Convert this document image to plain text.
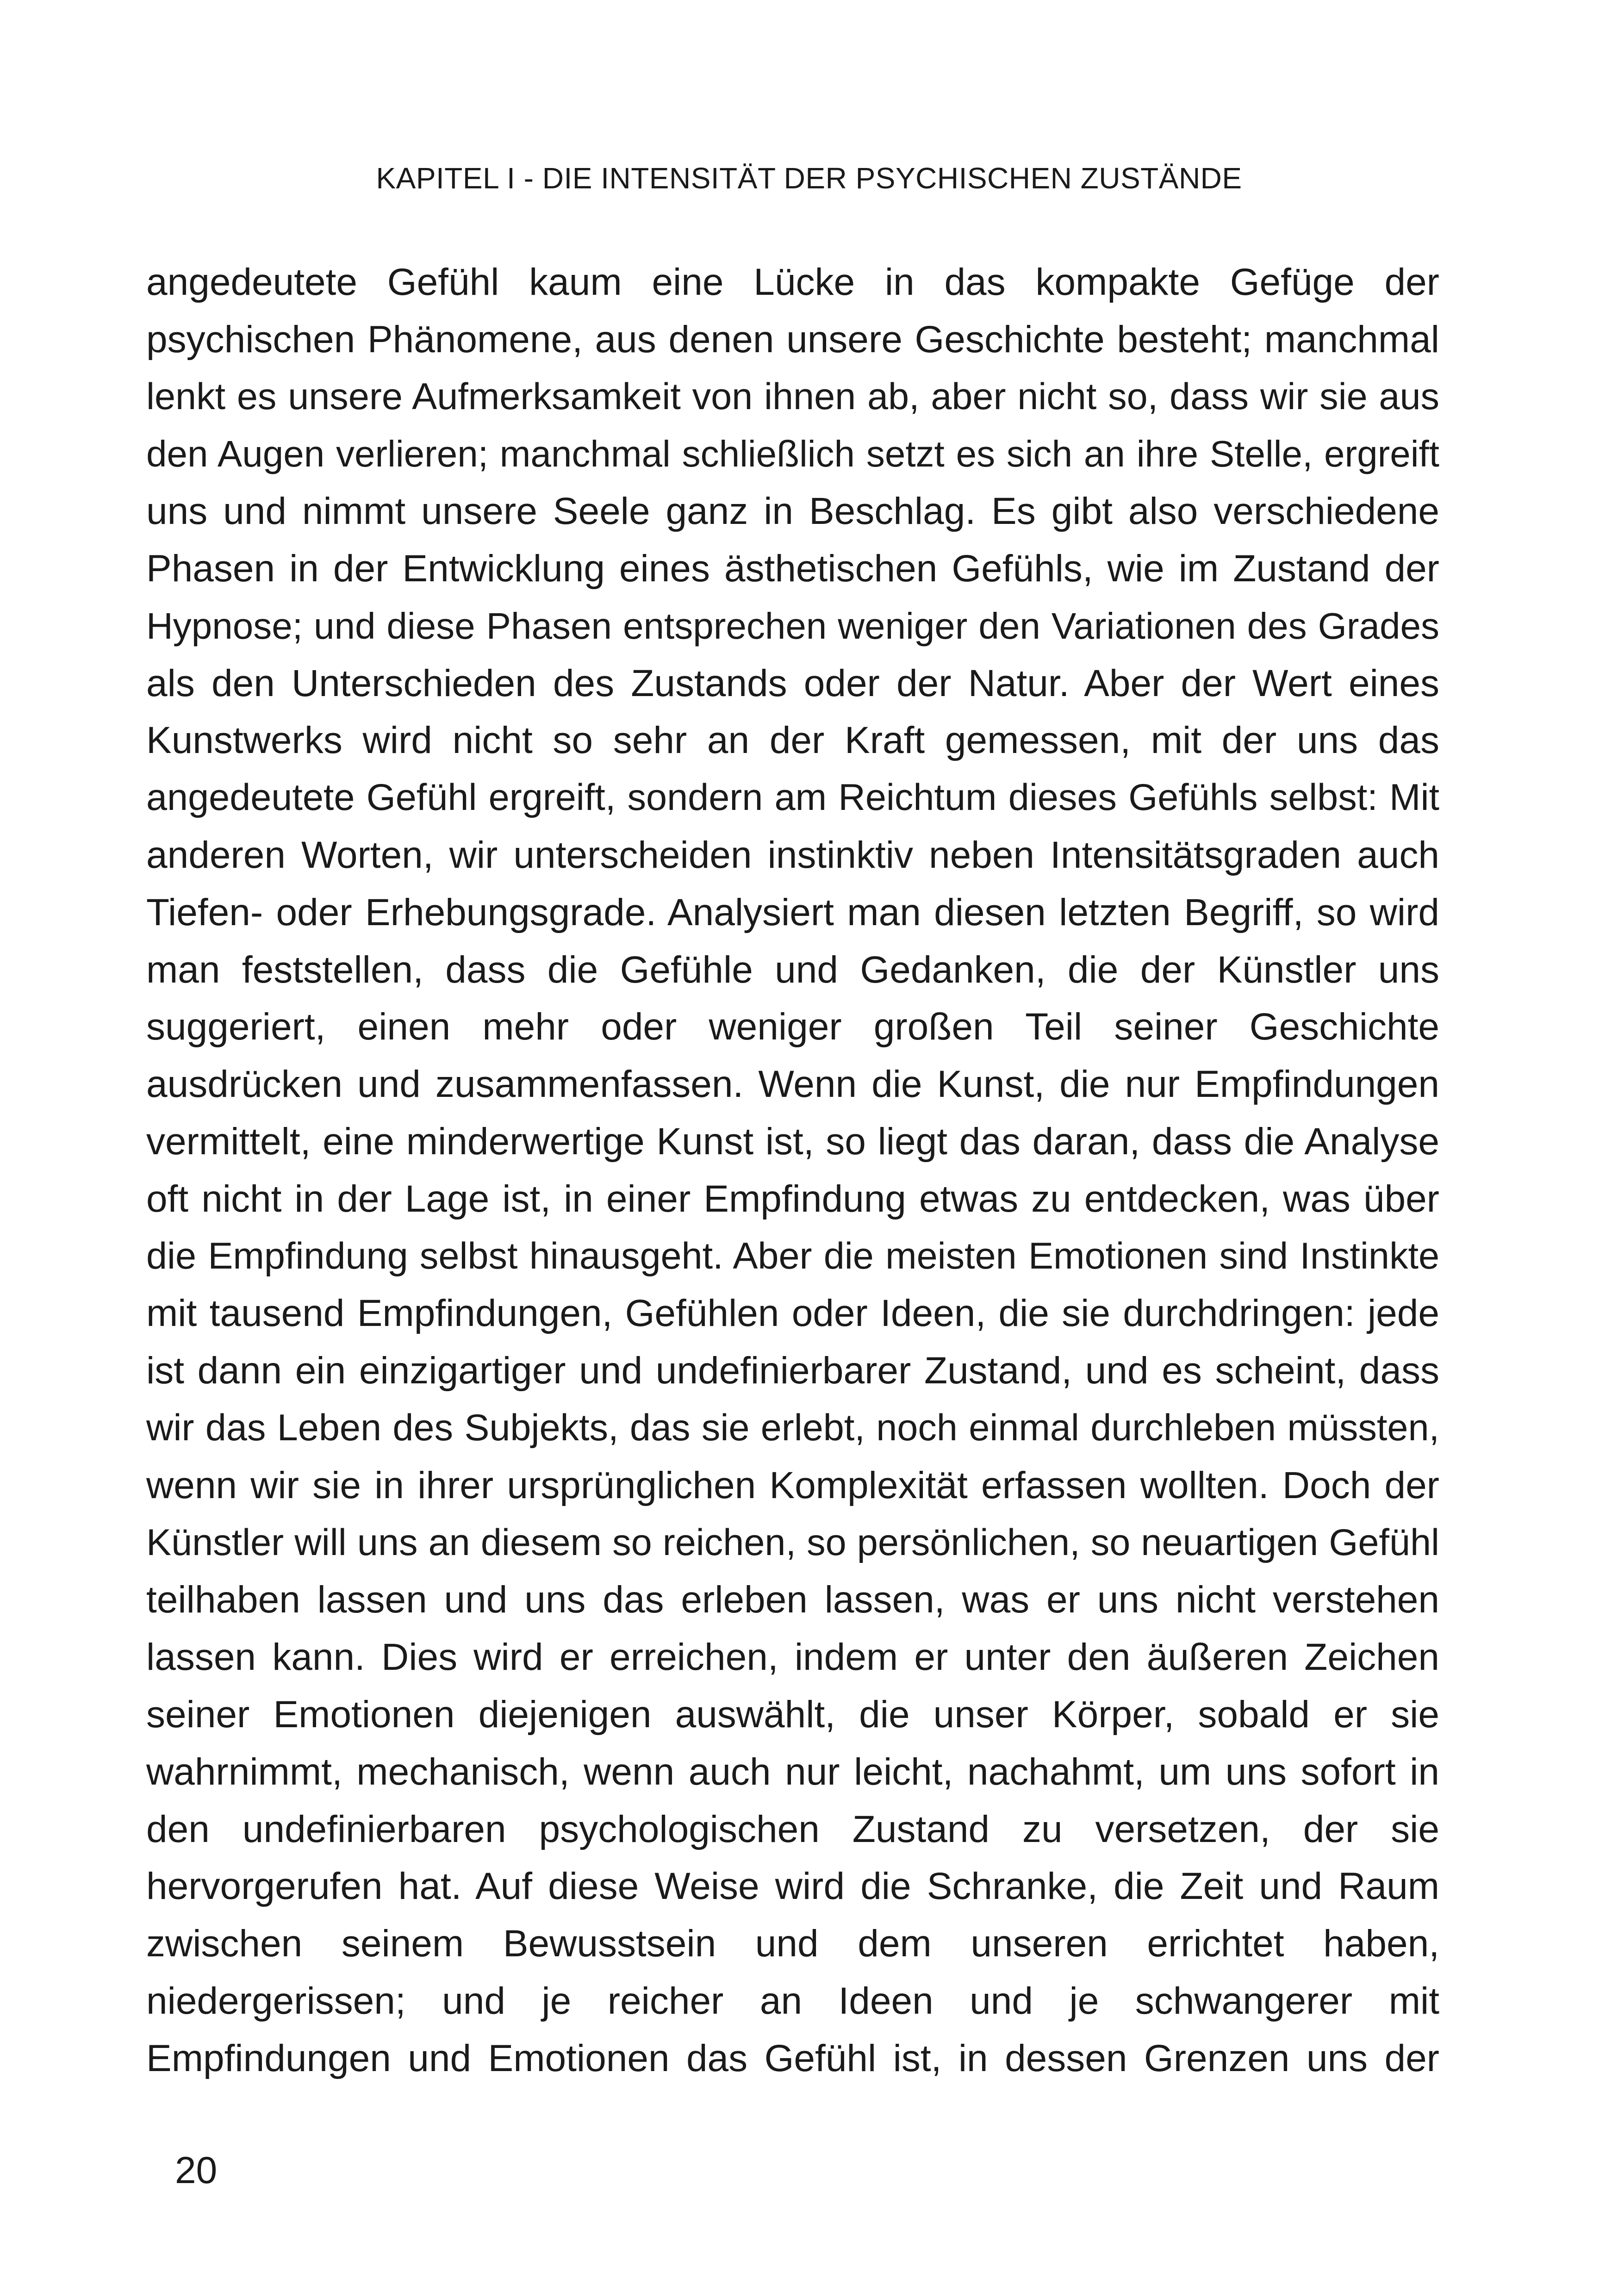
KAPITEL I - DIE INTENSITÄT DER PSYCHISCHEN ZUSTÄNDE
angedeutete Gefühl kaum eine Lücke in das kompakte Gefüge der
psychischen Phänomene, aus denen unsere Geschichte besteht; manchmal
lenkt es unsere Aufmerksamkeit von ihnen ab, aber nicht so, dass wir sie aus
den Augen verlieren; manchmal schließlich setzt es sich an ihre Stelle, ergreift
uns und nimmt unsere Seele ganz in Beschlag. Es gibt also verschiedene
Phasen in der Entwicklung eines ästhetischen Gefühls, wie im Zustand der
Hypnose; und diese Phasen entsprechen weniger den Variationen des Grades
als den Unterschieden des Zustands oder der Natur. Aber der Wert eines
Kunstwerks wird nicht so sehr an der Kraft gemessen, mit der uns das
angedeutete Gefühl ergreift, sondern am Reichtum dieses Gefühls selbst: Mit
anderen Worten, wir unterscheiden instinktiv neben Intensitätsgraden auch
Tiefen- oder Erhebungsgrade. Analysiert man diesen letzten Begriff, so wird
man feststellen, dass die Gefühle und Gedanken, die der Künstler uns
suggeriert, einen mehr oder weniger großen Teil seiner Geschichte
ausdrücken und zusammenfassen. Wenn die Kunst, die nur Empfindungen
vermittelt, eine minderwertige Kunst ist, so liegt das daran, dass die Analyse
oft nicht in der Lage ist, in einer Empfindung etwas zu entdecken, was über
die Empfindung selbst hinausgeht. Aber die meisten Emotionen sind Instinkte
mit tausend Empfindungen, Gefühlen oder Ideen, die sie durchdringen: jede
ist dann ein einzigartiger und undefinierbarer Zustand, und es scheint, dass
wir das Leben des Subjekts, das sie erlebt, noch einmal durchleben müssten,
wenn wir sie in ihrer ursprünglichen Komplexität erfassen wollten. Doch der
Künstler will uns an diesem so reichen, so persönlichen, so neuartigen Gefühl
teilhaben lassen und uns das erleben lassen, was er uns nicht verstehen
lassen kann. Dies wird er erreichen, indem er unter den äußeren Zeichen
seiner Emotionen diejenigen auswählt, die unser Körper, sobald er sie
wahrnimmt, mechanisch, wenn auch nur leicht, nachahmt, um uns sofort in
den undefinierbaren psychologischen Zustand zu versetzen, der sie
hervorgerufen hat. Auf diese Weise wird die Schranke, die Zeit und Raum
zwischen seinem Bewusstsein und dem unseren errichtet haben,
niedergerissen; und je reicher an Ideen und je schwangerer mit
Empfindungen und Emotionen das Gefühl ist, in dessen Grenzen uns der
20
